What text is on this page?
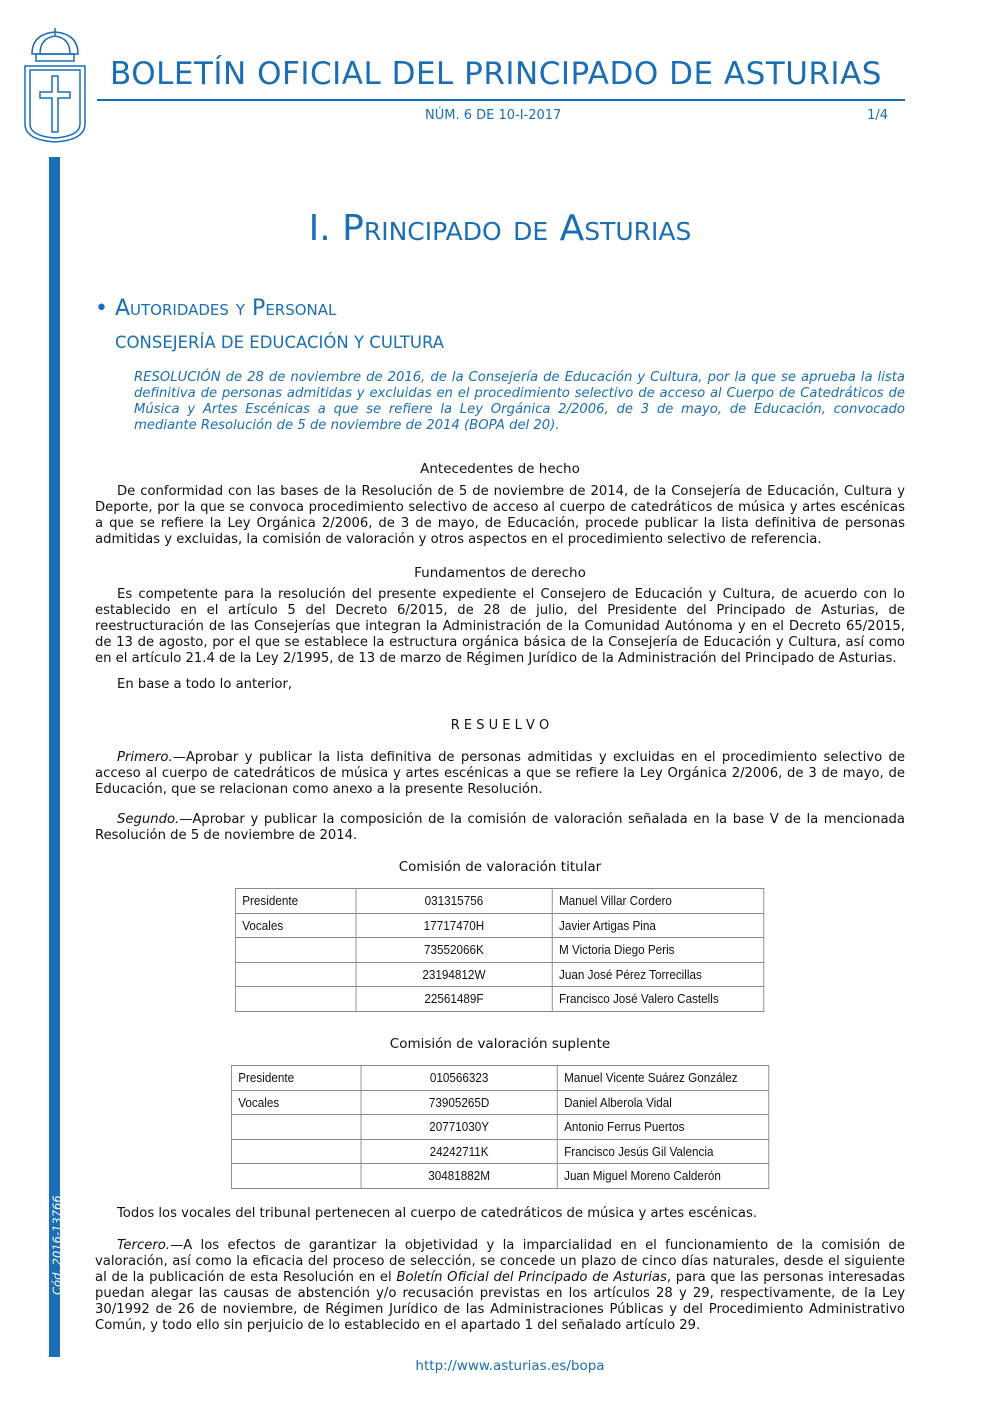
BOLETÍN OFICIAL DEL PRINCIPADO DE ASTURIAS
NÚM. 6 DE 10-I-2017	1/4
Cód. 2016-13766
I. Principado de Asturias
• Autoridades y Personal
CONSEJERÍA DE EDUCACIÓN Y CULTURA
RESOLUCIÓN de 28 de noviembre de 2016, de la Consejería de Educación y Cultura, por la que se aprueba la lista definitiva de personas admitidas y excluidas en el procedimiento selectivo de acceso al Cuerpo de Catedráticos de Música y Artes Escénicas a que se refiere la Ley Orgánica 2/2006, de 3 de mayo, de Educación, convocado mediante Resolución de 5 de noviembre de 2014 (BOPA del 20).
Antecedentes de hecho

De conformidad con las bases de la Resolución de 5 de noviembre de 2014, de la Consejería de Educación, Cultura y Deporte, por la que se convoca procedimiento selectivo de acceso al cuerpo de catedráticos de música y artes escénicas a que se refiere la Ley Orgánica 2/2006, de 3 de mayo, de Educación, procede publicar la lista definitiva de personas admitidas y excluidas, la comisión de valoración y otros aspectos en el procedimiento selectivo de referencia.

Fundamentos de derecho

Es competente para la resolución del presente expediente el Consejero de Educación y Cultura, de acuerdo con lo establecido en el artículo 5 del Decreto 6/2015, de 28 de julio, del Presidente del Principado de Asturias, de reestructuración de las Consejerías que integran la Administración de la Comunidad Autónoma y en el Decreto 65/2015, de 13 de agosto, por el que se establece la estructura orgánica básica de la Consejería de Educación y Cultura, así como en el artículo 21.4 de la Ley 2/1995, de 13 de marzo de Régimen Jurídico de la Administración del Principado de Asturias.

En base a todo lo anterior,

R E S U E L V O

Primero.—Aprobar y publicar la lista definitiva de personas admitidas y excluidas en el procedimiento selectivo de acceso al cuerpo de catedráticos de música y artes escénicas a que se refiere la Ley Orgánica 2/2006, de 3 de mayo, de Educación, que se relacionan como anexo a la presente Resolución.

Segundo.—Aprobar y publicar la composición de la comisión de valoración señalada en la base V de la mencionada Resolución de 5 de noviembre de 2014.

Comisión de valoración titular
Presidente	031315756	Manuel Villar Cordero
Vocales	17717470H	Javier Artigas Pina
	73552066K	M Victoria Diego Peris
	23194812W	Juan José Pérez Torrecillas
	22561489F	Francisco José Valero Castells
Comisión de valoración suplente
Presidente	010566323	Manuel Vicente Suárez González
Vocales	73905265D	Daniel Alberola Vidal
	20771030Y	Antonio Ferrus Puertos
	24242711K	Francisco Jesús Gil Valencia
	30481882M	Juan Miguel Moreno Calderón

Todos los vocales del tribunal pertenecen al cuerpo de catedráticos de música y artes escénicas.

Tercero.—A los efectos de garantizar la objetividad y la imparcialidad en el funcionamiento de la comisión de valoración, así como la eficacia del proceso de selección, se concede un plazo de cinco días naturales, desde el siguiente al de la publicación de esta Resolución en el Boletín Oficial del Principado de Asturias, para que las personas interesadas puedan alegar las causas de abstención y/o recusación previstas en los artículos 28 y 29, respectivamente, de la Ley 30/1992 de 26 de noviembre, de Régimen Jurídico de las Administraciones Públicas y del Procedimiento Administrativo Común, y todo ello sin perjuicio de lo establecido en el apartado 1 del señalado artículo 29.

http://www.asturias.es/bopa
